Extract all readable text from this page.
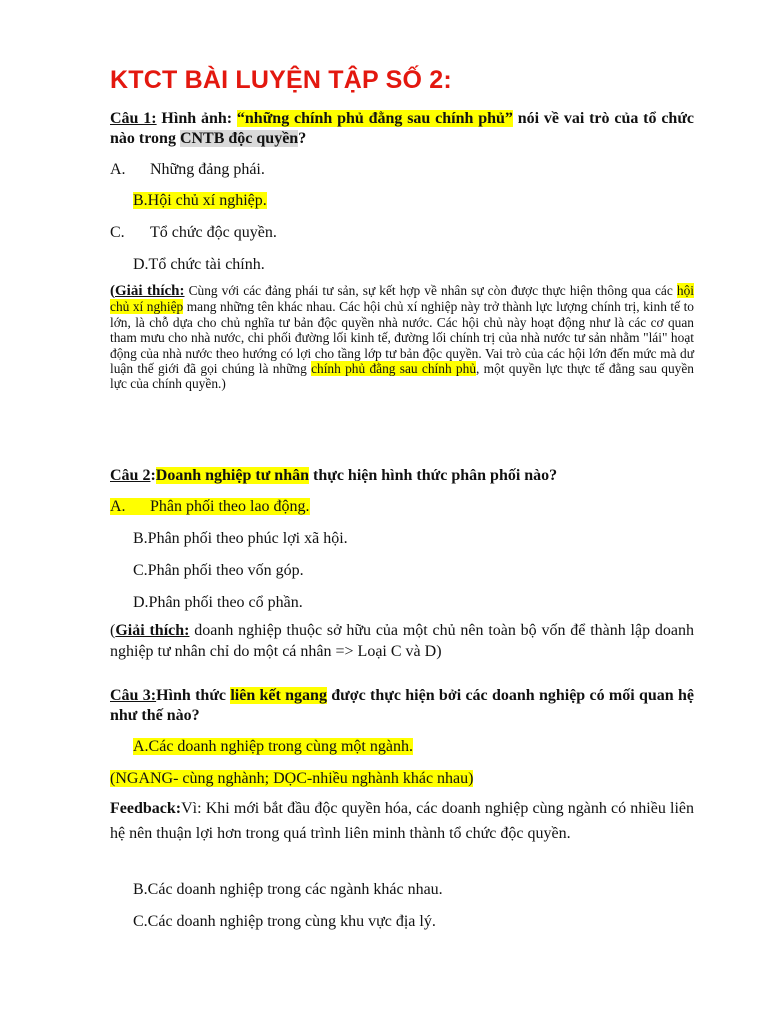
KTCT BÀI LUYỆN TẬP SỐ 2:
Câu 1: Hình ảnh: “những chính phủ đằng sau chính phủ” nói về vai trò của tổ chức nào trong CNTB độc quyền?
A. Những đảng phái.
B.Hội chủ xí nghiệp.
C. Tổ chức độc quyền.
D.Tổ chức tài chính.
(Giải thích: Cùng với các đảng phái tư sản, sự kết hợp về nhân sự còn được thực hiện thông qua các hội chủ xí nghiệp mang những tên khác nhau. Các hội chủ xí nghiệp này trở thành lực lượng chính trị, kinh tế to lớn, là chỗ dựa cho chủ nghĩa tư bản độc quyền nhà nước. Các hội chủ này hoạt động như là các cơ quan tham mưu cho nhà nước, chi phối đường lối kinh tế, đường lối chính trị của nhà nước tư sản nhằm "lái" hoạt động của nhà nước theo hướng có lợi cho tầng lớp tư bản độc quyền. Vai trò của các hội lớn đến mức mà dư luận thế giới đã gọi chúng là những chính phủ đằng sau chính phủ, một quyền lực thực tế đằng sau quyền lực của chính quyền.)
Câu 2:Doanh nghiệp tư nhân thực hiện hình thức phân phối nào?
A. Phân phối theo lao động.
B.Phân phối theo phúc lợi xã hội.
C.Phân phối theo vốn góp.
D.Phân phối theo cổ phần.
(Giải thích: doanh nghiệp thuộc sở hữu của một chủ nên toàn bộ vốn để thành lập doanh nghiệp tư nhân chỉ do một cá nhân => Loại C và D)
Câu 3:Hình thức liên kết ngang được thực hiện bởi các doanh nghiệp có mối quan hệ như thế nào?
A.Các doanh nghiệp trong cùng một ngành.
(NGANG- cùng nghành; DỌC-nhiều nghành khác nhau)
Feedback:Vì: Khi mới bắt đầu độc quyền hóa, các doanh nghiệp cùng ngành có nhiều liên hệ nên thuận lợi hơn trong quá trình liên minh thành tổ chức độc quyền.
B.Các doanh nghiệp trong các ngành khác nhau.
C.Các doanh nghiệp trong cùng khu vực địa lý.
